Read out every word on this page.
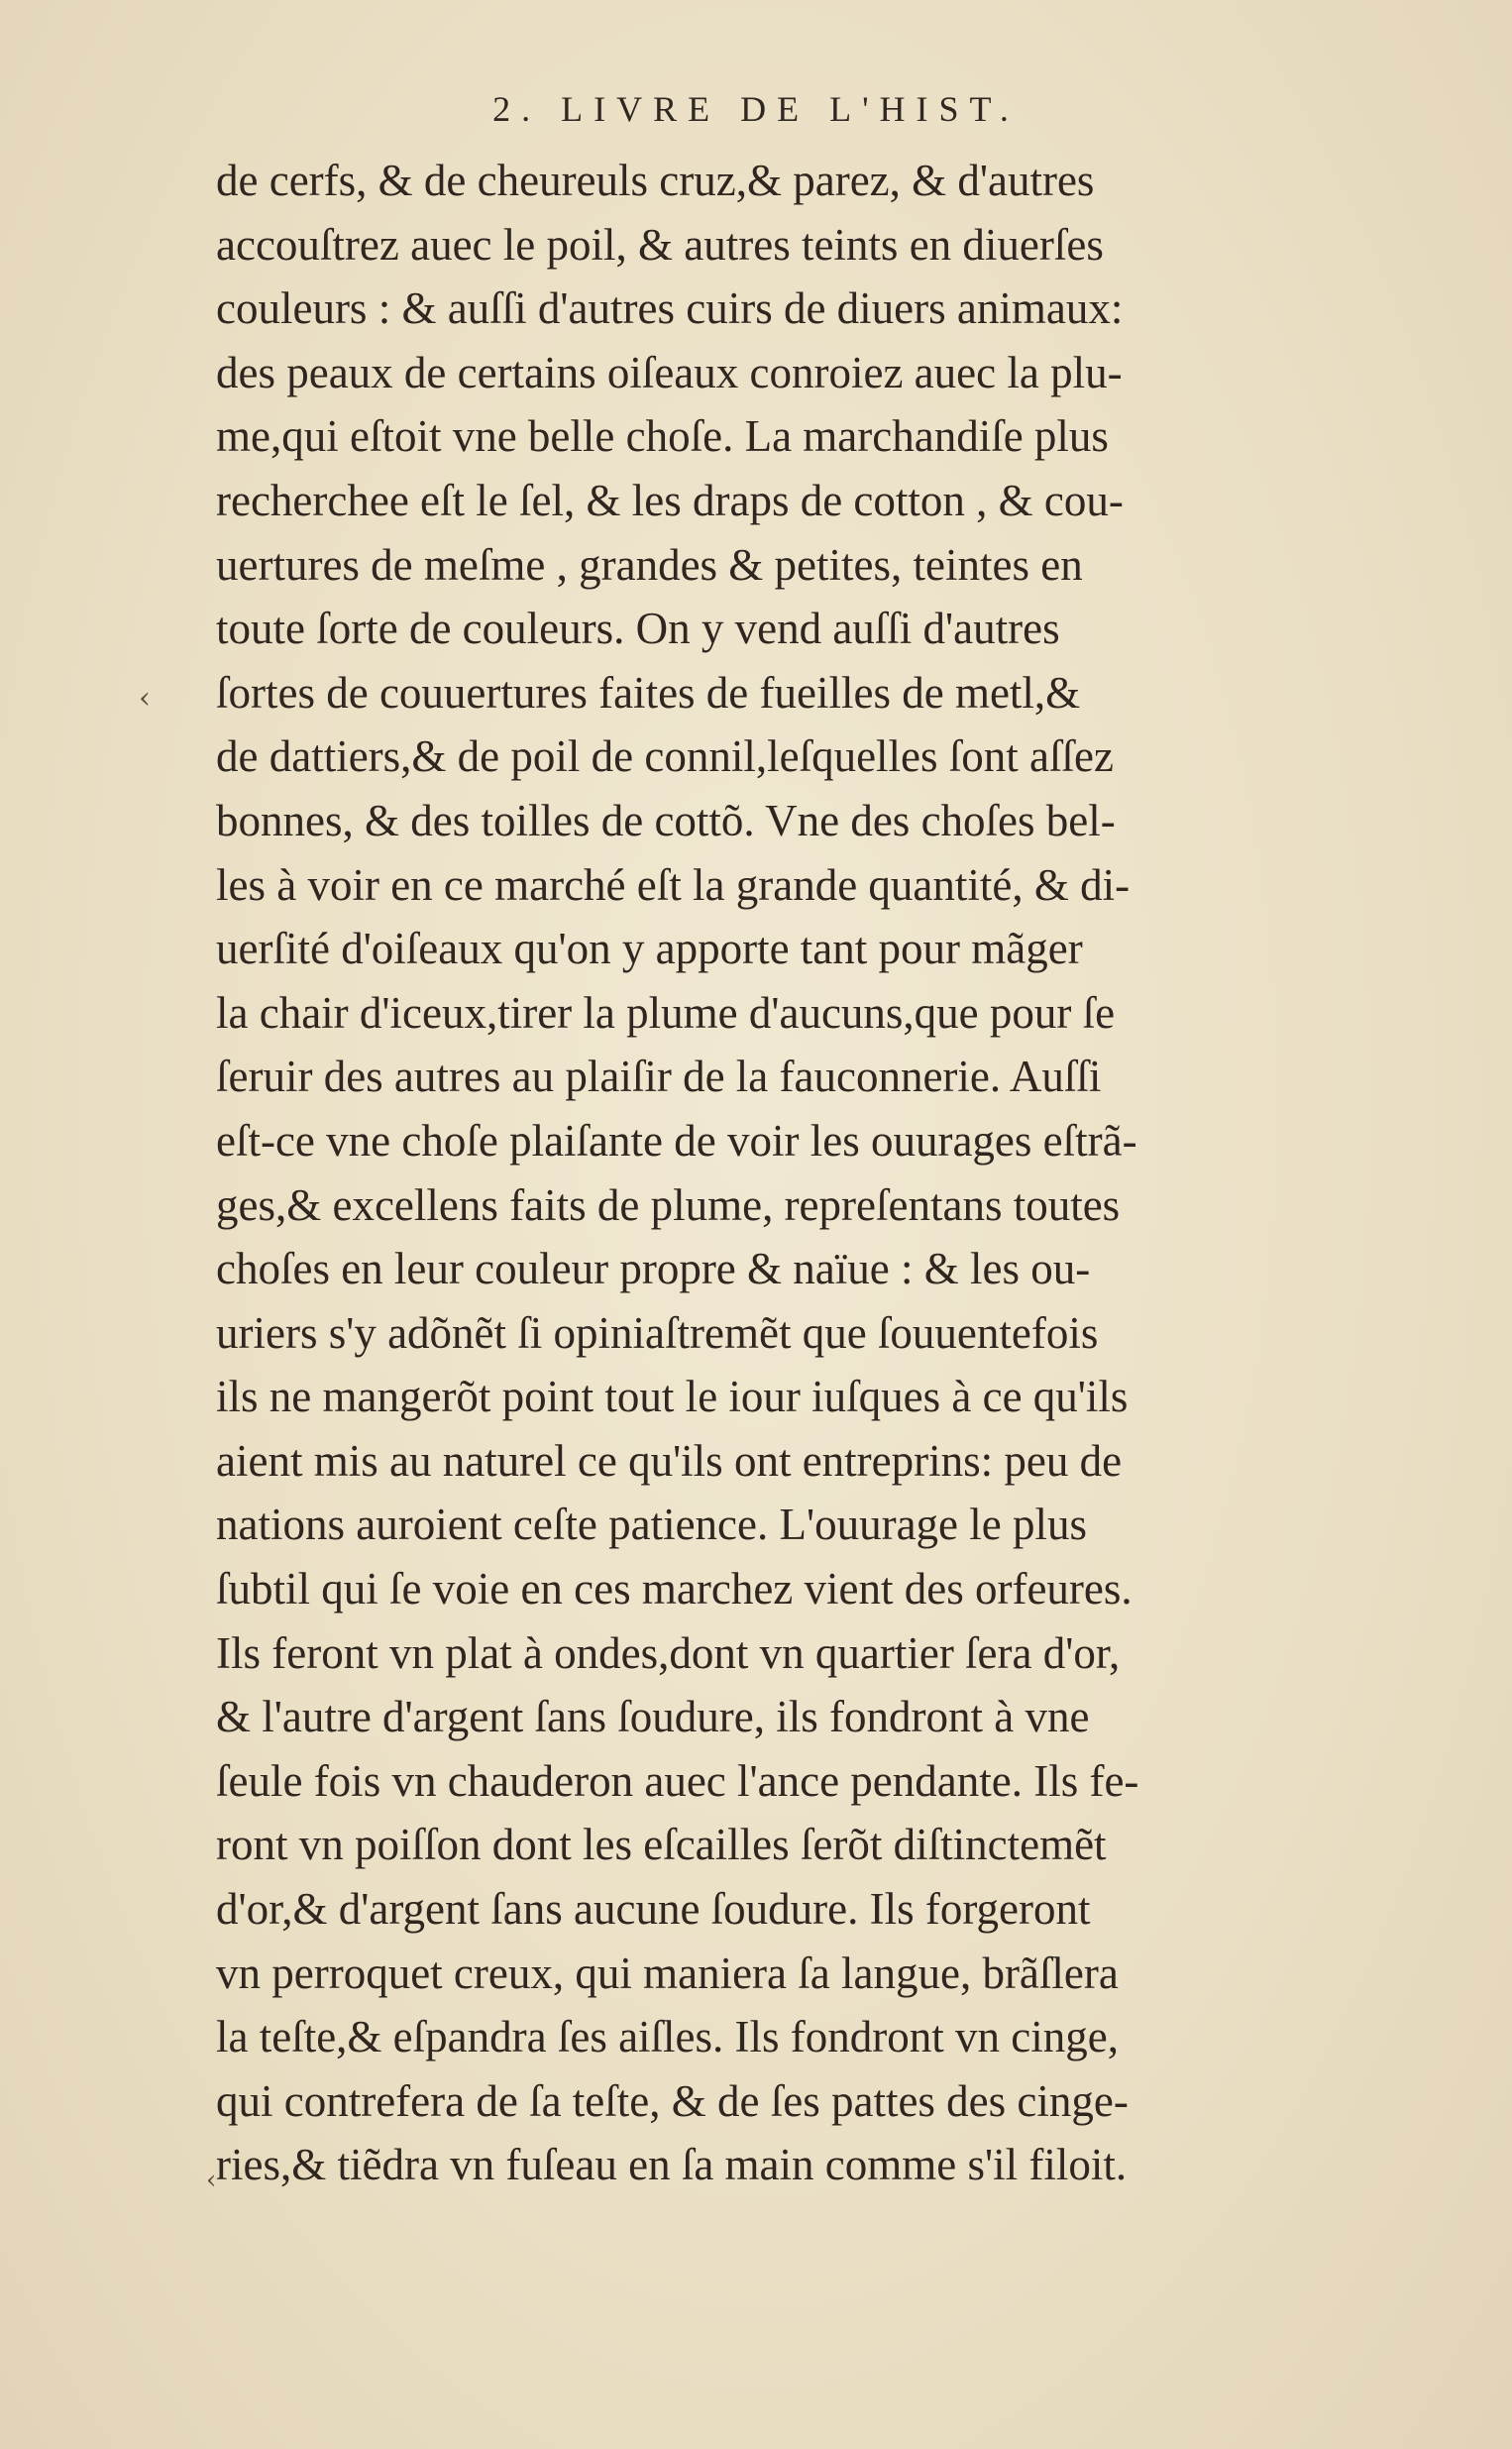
2. LIVRE DE L'HIST.
de cerfs, & de cheureuls cruz,& parez, & d'autres
accouſtrez auec le poil, & autres teints en diuerſes
couleurs : & auſſi d'autres cuirs de diuers animaux:
des peaux de certains oiſeaux conroiez auec la plu-
me,qui eſtoit vne belle choſe. La marchandiſe plus
recherchee eſt le ſel, & les draps de cotton , & cou-
uertures de meſme , grandes & petites, teintes en
toute ſorte de couleurs. On y vend auſſi d'autres
ſortes de couuertures faites de fueilles de metl,&
de dattiers,& de poil de connil,leſquelles ſont aſſez
bonnes, & des toilles de cottõ. Vne des choſes bel-
les à voir en ce marché eſt la grande quantité, & di-
uerſité d'oiſeaux qu'on y apporte tant pour mãger
la chair d'iceux,tirer la plume d'aucuns,que pour ſe
ſeruir des autres au plaiſir de la fauconnerie. Auſſi
eſt-ce vne choſe plaiſante de voir les ouurages eſtrã-
ges,& excellens faits de plume, repreſentans toutes
choſes en leur couleur propre & naïue : & les ou-
uriers s'y adõnẽt ſi opiniaſtremẽt que ſouuentefois
ils ne mangerõt point tout le iour iuſques à ce qu'ils
aient mis au naturel ce qu'ils ont entreprins: peu de
nations auroient ceſte patience. L'ouurage le plus
ſubtil qui ſe voie en ces marchez vient des orfeures.
Ils feront vn plat à ondes,dont vn quartier ſera d'or,
& l'autre d'argent ſans ſoudure, ils fondront à vne
ſeule fois vn chauderon auec l'ance pendante. Ils fe-
ront vn poiſſon dont les eſcailles ſerõt diſtinctemẽt
d'or,& d'argent ſans aucune ſoudure. Ils forgeront
vn perroquet creux, qui maniera ſa langue, brãſlera
la teſte,& eſpandra ſes aiſles. Ils fondront vn cinge,
qui contrefera de ſa teſte, & de ſes pattes des cinge-
ries,& tiẽdra vn fuſeau en ſa main comme s'il filoit.
‹
‹
